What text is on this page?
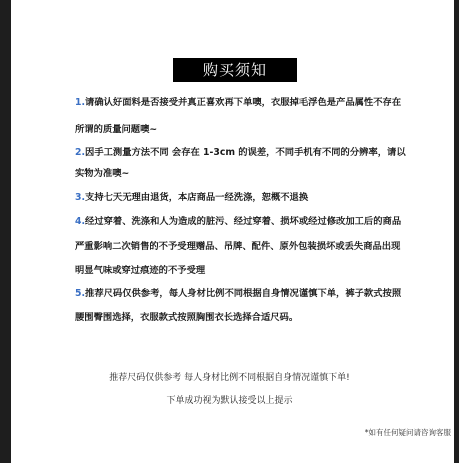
购买须知
1.请确认好面料是否接受并真正喜欢再下单噢，衣服掉毛浮色是产品属性不存在
所谓的质量问题噢~
2.因手工测量方法不同 会存在 1-3cm 的误差，不同手机有不同的分辨率，请以
实物为准噢~
3.支持七天无理由退货，本店商品一经洗涤，恕概不退换
4.经过穿着、洗涤和人为造成的脏污、经过穿着、损坏或经过修改加工后的商品
严重影响二次销售的不予受理赠品、吊牌、配件、原外包装损坏或丢失商品出现
明显气味或穿过痕迹的不予受理
5.推荐尺码仅供参考，每人身材比例不同根据自身情况谨慎下单，裤子款式按照
腰围臀围选择，衣服款式按照胸围衣长选择合适尺码。
推荐尺码仅供参考 每人身材比例不同根据自身情况谨慎下单!
下单成功视为默认接受以上提示
*如有任何疑问请咨询客服
